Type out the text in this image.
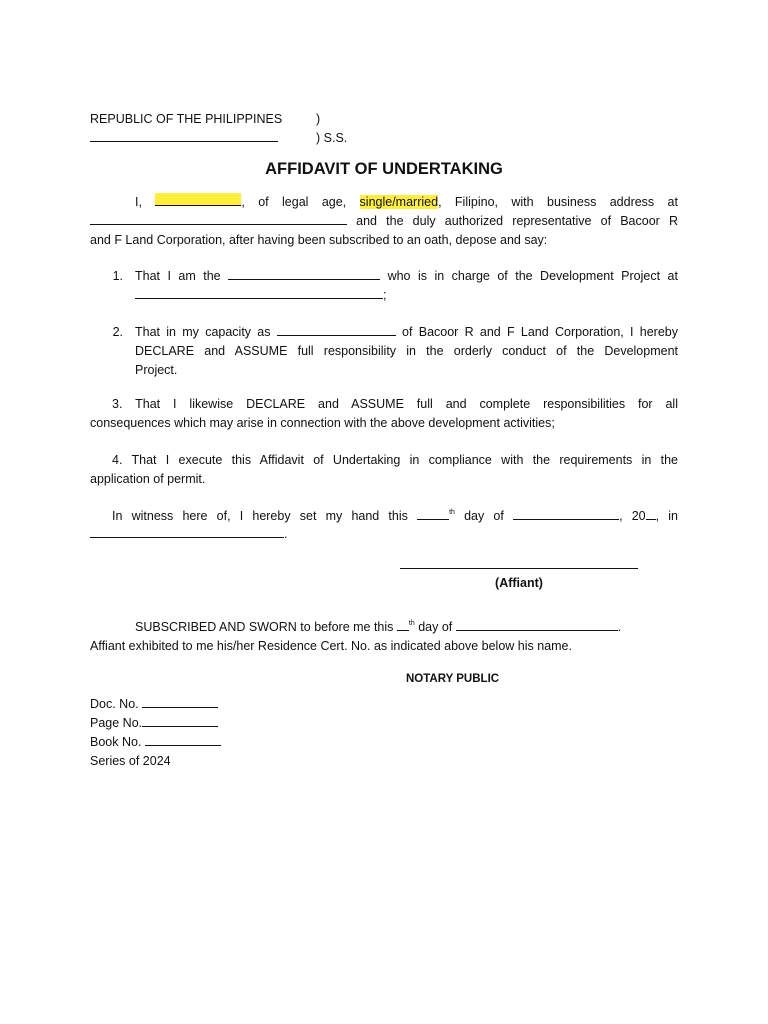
REPUBLIC OF THE PHILIPPINES	)
) S.S.
AFFIDAVIT OF UNDERTAKING
I,	, of legal age, single/married, Filipino, with business address at
and the duly authorized representative of Bacoor R
and F Land Corporation, after having been subscribed to an oath, depose and say:
1. That I am the	who is in charge of the Development Project at
;
2. That in my capacity as	of Bacoor R and F Land Corporation, I hereby
DECLARE and ASSUME full responsibility in the orderly conduct of the Development
Project.
3. That I likewise DECLARE and ASSUME full and complete responsibilities for all
consequences which may arise in connection with the above development activities;
4. That I execute this Affidavit of Undertaking in compliance with the requirements in the
application of permit.
In witness here of, I hereby set my hand this	$^{th}$ day of	, 20 , in
.
(Affiant)
SUBSCRIBED AND SWORN to before me this $^{th}$ day of	.
Affiant exhibited to me his/her Residence Cert. No. as indicated above below his name.
NOTARY PUBLIC
Doc. No.
Page No.
Book No.
Series of 2024
